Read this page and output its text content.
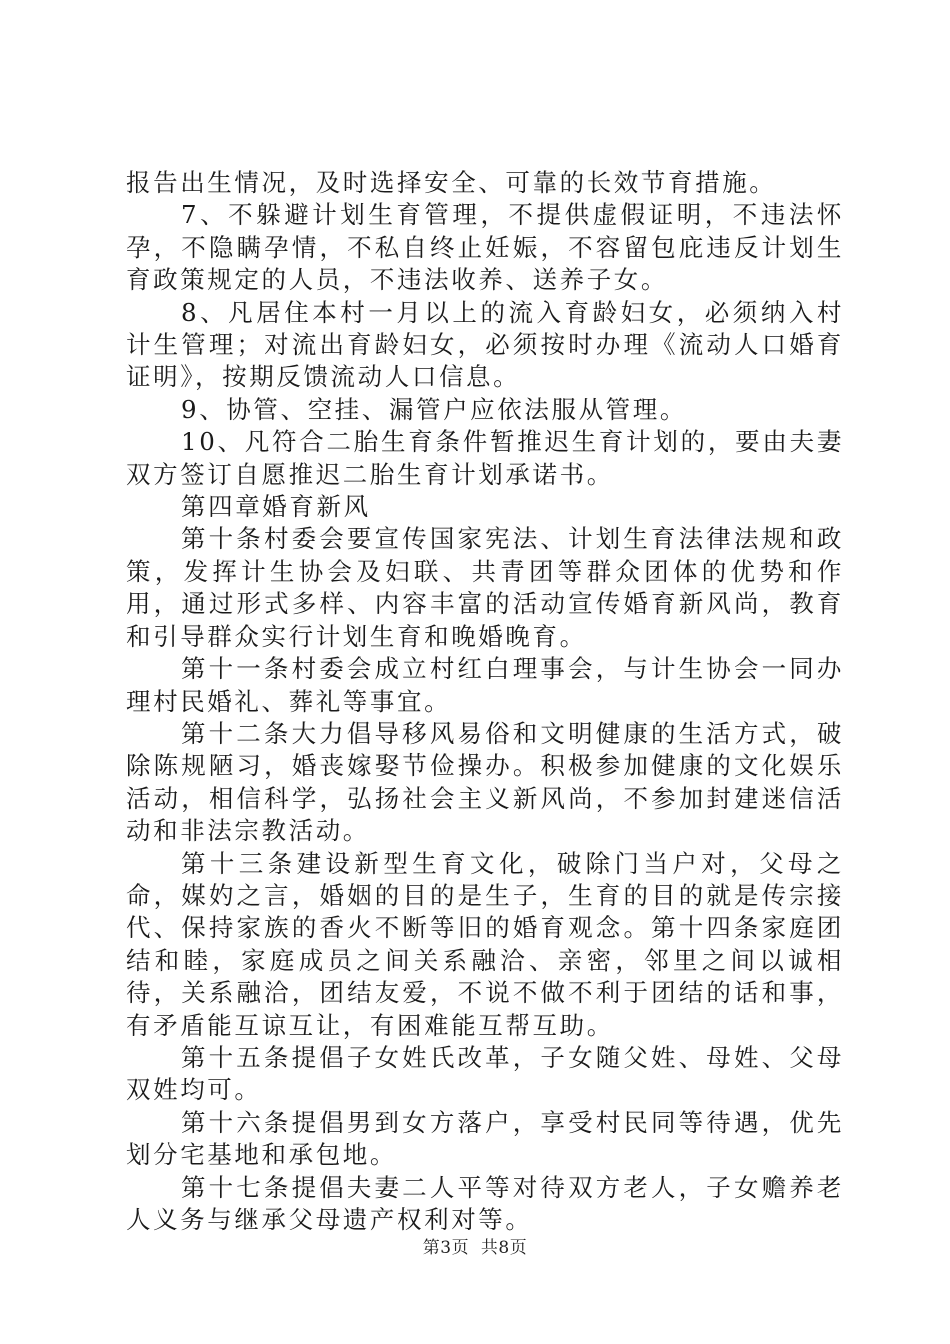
报告出生情况，及时选择安全、可靠的长效节育措施。

7、不躲避计划生育管理，不提供虚假证明，不违法怀孕，不隐瞒孕情，不私自终止妊娠，不容留包庇违反计划生育政策规定的人员，不违法收养、送养子女。

8、凡居住本村一月以上的流入育龄妇女，必须纳入村计生管理；对流出育龄妇女，必须按时办理《流动人口婚育证明》，按期反馈流动人口信息。

9、协管、空挂、漏管户应依法服从管理。

10、凡符合二胎生育条件暂推迟生育计划的，要由夫妻双方签订自愿推迟二胎生育计划承诺书。

第四章婚育新风

第十条村委会要宣传国家宪法、计划生育法律法规和政策，发挥计生协会及妇联、共青团等群众团体的优势和作用，通过形式多样、内容丰富的活动宣传婚育新风尚，教育和引导群众实行计划生育和晚婚晚育。

第十一条村委会成立村红白理事会，与计生协会一同办理村民婚礼、葬礼等事宜。

第十二条大力倡导移风易俗和文明健康的生活方式，破除陈规陋习，婚丧嫁娶节俭操办。积极参加健康的文化娱乐活动，相信科学，弘扬社会主义新风尚，不参加封建迷信活动和非法宗教活动。

第十三条建设新型生育文化，破除门当户对，父母之命，媒妁之言，婚姻的目的是生子，生育的目的就是传宗接代、保持家族的香火不断等旧的婚育观念。第十四条家庭团结和睦，家庭成员之间关系融洽、亲密，邻里之间以诚相待，关系融洽，团结友爱，不说不做不利于团结的话和事，有矛盾能互谅互让，有困难能互帮互助。

第十五条提倡子女姓氏改革，子女随父姓、母姓、父母双姓均可。

第十六条提倡男到女方落户，享受村民同等待遇，优先划分宅基地和承包地。

第十七条提倡夫妻二人平等对待双方老人，子女赡养老人义务与继承父母遗产权利对等。

第3页 共8页
